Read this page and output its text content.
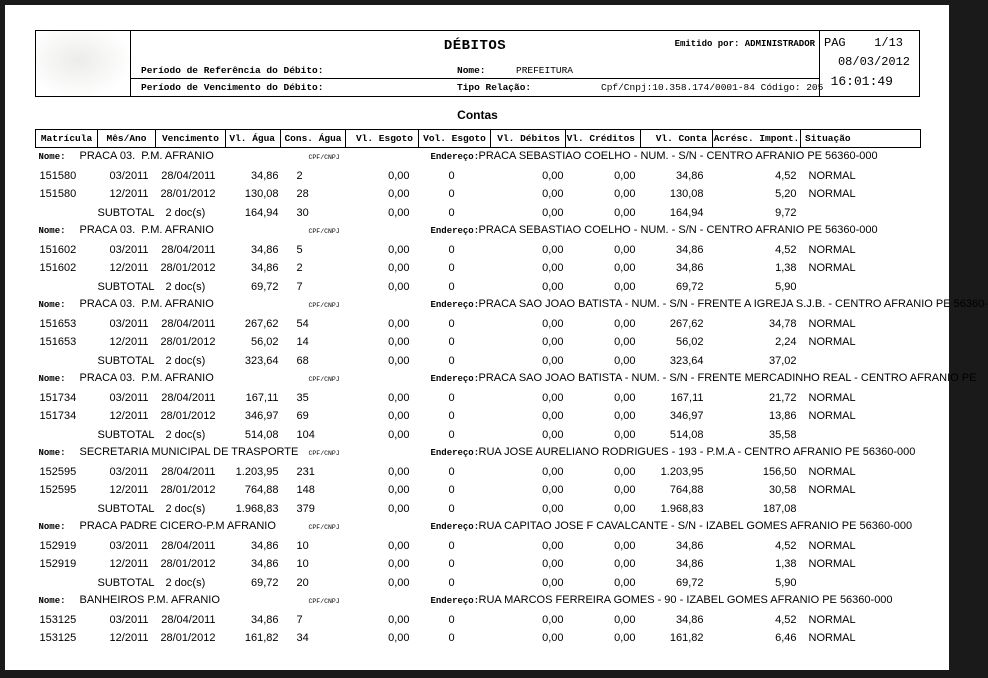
DÉBITOS	Emitido por: ADMINISTRADOR
Período de Referência do Débito:	Nome:	PREFEITURA
Período de Vencimento do Débito:	Tipo Relação:	Cpf/Cnpj:10.358.174/0001-84 Código: 205
PAG 1/13
08/03/2012
16:01:49
Contas
Matrícula	Mês/Ano	Vencimento	Vl. Água	Cons. Água	Vl. Esgoto	Vol. Esgoto	Vl. Débitos	Vl. Créditos	Vl. Conta	Acrésc. Impont.	Situação

Nome: PRACA 03.  P.M. AFRANIO CPF/CNPJ Endereço: PRACA SEBASTIAO COELHO - NUM. - S/N - CENTRO AFRANIO PE 56360-000											

151580	03/2011	28/04/2011	34,86	2	0,00	0	0,00	0,00	34,86	4,52	NORMAL
151580	12/2011	28/01/2012	130,08	28	0,00	0	0,00	0,00	130,08	5,20	NORMAL
	SUBTOTAL	2 doc(s)	164,94	30	0,00	0	0,00	0,00	164,94	9,72	

Nome: PRACA 03.  P.M. AFRANIO CPF/CNPJ Endereço: PRACA SEBASTIAO COELHO - NUM. - S/N - CENTRO AFRANIO PE 56360-000											

151602	03/2011	28/04/2011	34,86	5	0,00	0	0,00	0,00	34,86	4,52	NORMAL
151602	12/2011	28/01/2012	34,86	2	0,00	0	0,00	0,00	34,86	1,38	NORMAL
	SUBTOTAL	2 doc(s)	69,72	7	0,00	0	0,00	0,00	69,72	5,90	

Nome: PRACA 03.  P.M. AFRANIO CPF/CNPJ Endereço: PRACA SAO JOAO BATISTA - NUM. - S/N - FRENTE A IGREJA S.J.B. - CENTRO AFRANIO PE 56360-											

151653	03/2011	28/04/2011	267,62	54	0,00	0	0,00	0,00	267,62	34,78	NORMAL
151653	12/2011	28/01/2012	56,02	14	0,00	0	0,00	0,00	56,02	2,24	NORMAL
	SUBTOTAL	2 doc(s)	323,64	68	0,00	0	0,00	0,00	323,64	37,02	

Nome: PRACA 03.  P.M. AFRANIO CPF/CNPJ Endereço: PRACA SAO JOAO BATISTA - NUM. - S/N - FRENTE MERCADINHO REAL - CENTRO AFRANIO PE											

151734	03/2011	28/04/2011	167,11	35	0,00	0	0,00	0,00	167,11	21,72	NORMAL
151734	12/2011	28/01/2012	346,97	69	0,00	0	0,00	0,00	346,97	13,86	NORMAL
	SUBTOTAL	2 doc(s)	514,08	104	0,00	0	0,00	0,00	514,08	35,58	

Nome: SECRETARIA MUNICIPAL DE TRASPORTE CPF/CNPJ Endereço: RUA JOSE AURELIANO RODRIGUES - 193 - P.M.A - CENTRO AFRANIO PE 56360-000											

152595	03/2011	28/04/2011	1.203,95	231	0,00	0	0,00	0,00	1.203,95	156,50	NORMAL
152595	12/2011	28/01/2012	764,88	148	0,00	0	0,00	0,00	764,88	30,58	NORMAL
	SUBTOTAL	2 doc(s)	1.968,83	379	0,00	0	0,00	0,00	1.968,83	187,08	

Nome: PRACA PADRE CICERO-P.M AFRANIO CPF/CNPJ Endereço: RUA CAPITAO JOSE F CAVALCANTE - S/N - IZABEL GOMES AFRANIO PE 56360-000											

152919	03/2011	28/04/2011	34,86	10	0,00	0	0,00	0,00	34,86	4,52	NORMAL
152919	12/2011	28/01/2012	34,86	10	0,00	0	0,00	0,00	34,86	1,38	NORMAL
	SUBTOTAL	2 doc(s)	69,72	20	0,00	0	0,00	0,00	69,72	5,90	

Nome: BANHEIROS P.M. AFRANIO CPF/CNPJ Endereço: RUA MARCOS FERREIRA GOMES - 90 - IZABEL GOMES AFRANIO PE 56360-000											

153125	03/2011	28/04/2011	34,86	7	0,00	0	0,00	0,00	34,86	4,52	NORMAL
153125	12/2011	28/01/2012	161,82	34	0,00	0	0,00	0,00	161,82	6,46	NORMAL
